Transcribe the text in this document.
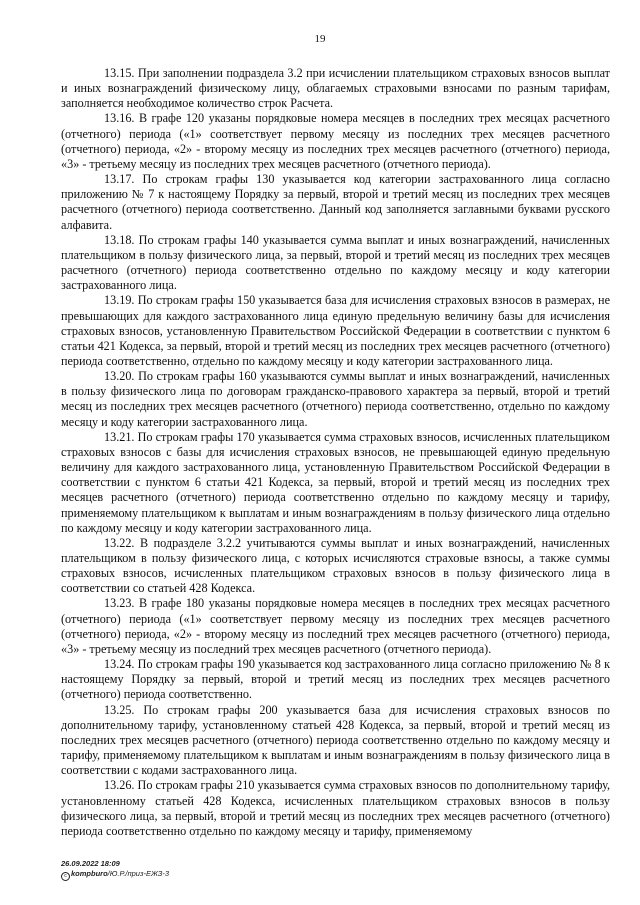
19

13.15. При заполнении подраздела 3.2 при исчислении плательщиком страховых взносов выплат и иных вознаграждений физическому лицу, облагаемых страховыми взносами по разным тарифам, заполняется необходимое количество строк Расчета.

13.16. В графе 120 указаны порядковые номера месяцев в последних трех месяцах расчетного (отчетного) периода («1» соответствует первому месяцу из последних трех месяцев расчетного (отчетного) периода, «2» - второму месяцу из последних трех месяцев расчетного (отчетного) периода, «3» - третьему месяцу из последних трех месяцев расчетного (отчетного периода).

13.17. По строкам графы 130 указывается код категории застрахованного лица согласно приложению № 7 к настоящему Порядку за первый, второй и третий месяц из последних трех месяцев расчетного (отчетного) периода соответственно. Данный код заполняется заглавными буквами русского алфавита.

13.18. По строкам графы 140 указывается сумма выплат и иных вознаграждений, начисленных плательщиком в пользу физического лица, за первый, второй и третий месяц из последних трех месяцев расчетного (отчетного) периода соответственно отдельно по каждому месяцу и коду категории застрахованного лица.

13.19. По строкам графы 150 указывается база для исчисления страховых взносов в размерах, не превышающих для каждого застрахованного лица единую предельную величину базы для исчисления страховых взносов, установленную Правительством Российской Федерации в соответствии с пунктом 6 статьи 421 Кодекса, за первый, второй и третий месяц из последних трех месяцев расчетного (отчетного) периода соответственно, отдельно по каждому месяцу и коду категории застрахованного лица.

13.20. По строкам графы 160 указываются суммы выплат и иных вознаграждений, начисленных в пользу физического лица по договорам гражданско-правового характера за первый, второй и третий месяц из последних трех месяцев расчетного (отчетного) периода соответственно, отдельно по каждому месяцу и коду категории застрахованного лица.

13.21. По строкам графы 170 указывается сумма страховых взносов, исчисленных плательщиком страховых взносов с базы для исчисления страховых взносов, не превышающей единую предельную величину для каждого застрахованного лица, установленную Правительством Российской Федерации в соответствии с пунктом 6 статьи 421 Кодекса, за первый, второй и третий месяц из последних трех месяцев расчетного (отчетного) периода соответственно отдельно по каждому месяцу и тарифу, применяемому плательщиком к выплатам и иным вознаграждениям в пользу физического лица отдельно по каждому месяцу и коду категории застрахованного лица.

13.22. В подразделе 3.2.2 учитываются суммы выплат и иных вознаграждений, начисленных плательщиком в пользу физического лица, с которых исчисляются страховые взносы, а также суммы страховых взносов, исчисленных плательщиком страховых взносов в пользу физического лица в соответствии со статьей 428 Кодекса.

13.23. В графе 180 указаны порядковые номера месяцев в последних трех месяцах расчетного (отчетного) периода («1» соответствует первому месяцу из последних трех месяцев расчетного (отчетного) периода, «2» - второму месяцу из последний трех месяцев расчетного (отчетного) периода, «3» - третьему месяцу из последний трех месяцев расчетного (отчетного периода).

13.24. По строкам графы 190 указывается код застрахованного лица согласно приложению № 8 к настоящему Порядку за первый, второй и третий месяц из последних трех месяцев расчетного (отчетного) периода соответственно.

13.25. По строкам графы 200 указывается база для исчисления страховых взносов по дополнительному тарифу, установленному статьей 428 Кодекса, за первый, второй и третий месяц из последних трех месяцев расчетного (отчетного) периода соответственно отдельно по каждому месяцу и тарифу, применяемому плательщиком к выплатам и иным вознаграждениям в пользу физического лица в соответствии с кодами застрахованного лица.

13.26. По строкам графы 210 указывается сумма страховых взносов по дополнительному тарифу, установленному статьей 428 Кодекса, исчисленных плательщиком страховых взносов в пользу физического лица, за первый, второй и третий месяц из последних трех месяцев расчетного (отчетного) периода соответственно отдельно по каждому месяцу и тарифу, применяемому

26.09.2022 18:09
c kompburo/Ю.Р./приз-ЕЖЗ-3
